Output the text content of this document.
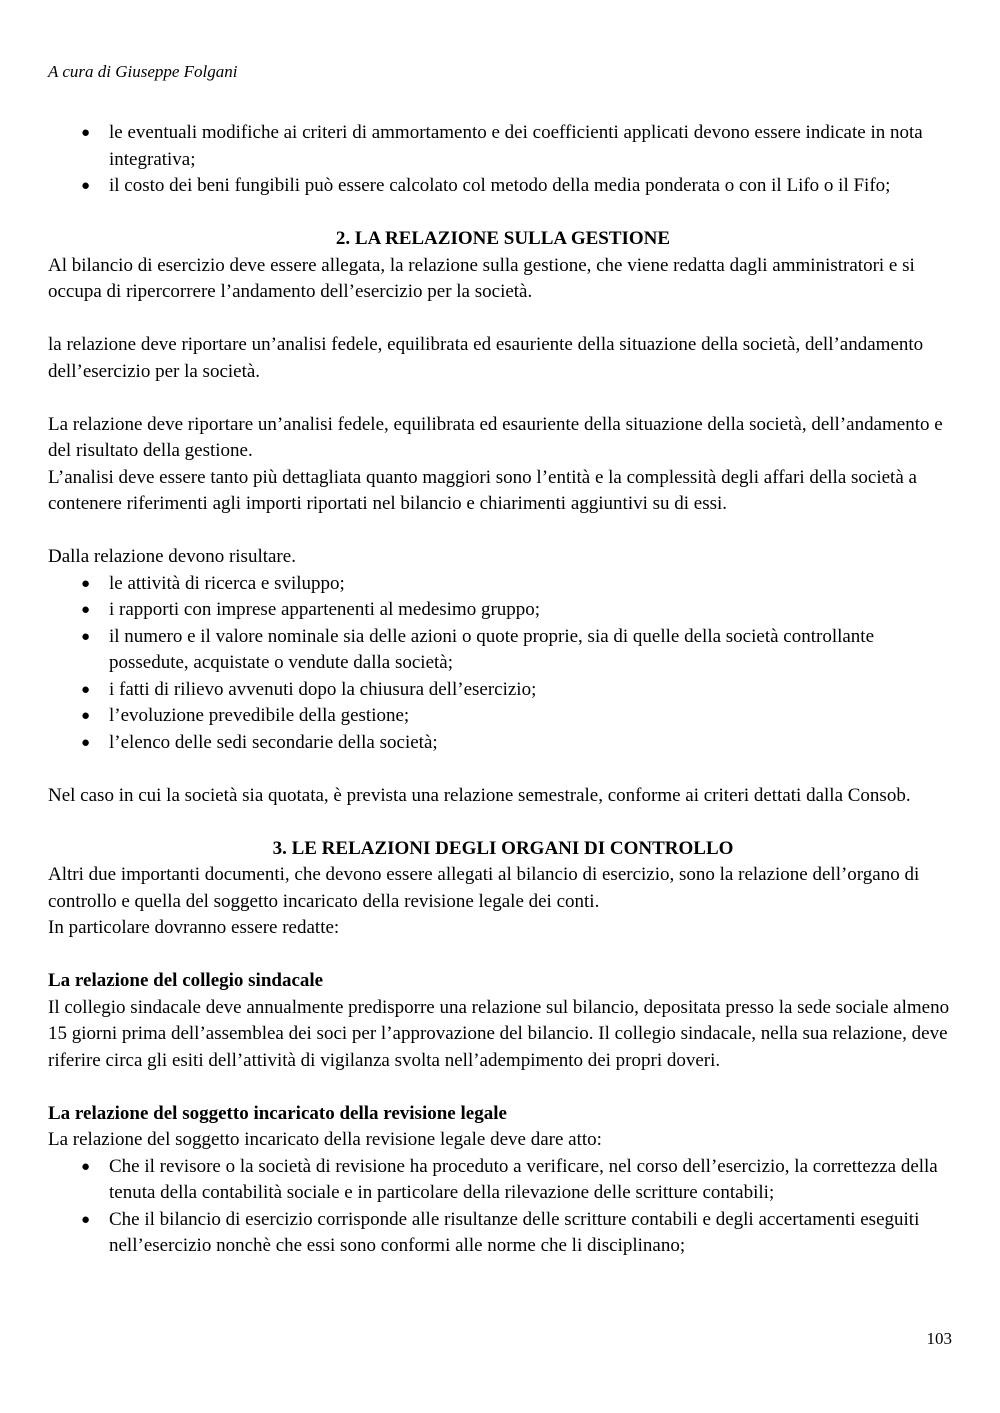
A cura di Giuseppe Folgani
● le eventuali modifiche ai criteri di ammortamento e dei coefficienti applicati devono essere indicate in nota integrativa;
● il costo dei beni fungibili può essere calcolato col metodo della media ponderata o con il Lifo o il Fifo;

2. LA RELAZIONE SULLA GESTIONE

Al bilancio di esercizio deve essere allegata, la relazione sulla gestione, che viene redatta dagli amministratori e si occupa di ripercorrere l’andamento dell’esercizio per la società.

la relazione deve riportare un’analisi fedele, equilibrata ed esauriente della situazione della società, dell’andamento dell’esercizio per la società.

La relazione deve riportare un’analisi fedele, equilibrata ed esauriente della situazione della società, dell’andamento e del risultato della gestione.

L’analisi deve essere tanto più dettagliata quanto maggiori sono l’entità e la complessità degli affari della società a contenere riferimenti agli importi riportati nel bilancio e chiarimenti aggiuntivi su di essi.

Dalla relazione devono risultare.

● le attività di ricerca e sviluppo;
● i rapporti con imprese appartenenti al medesimo gruppo;
● il numero e il valore nominale sia delle azioni o quote proprie, sia di quelle della società controllante possedute, acquistate o vendute dalla società;
● i fatti di rilievo avvenuti dopo la chiusura dell’esercizio;
● l’evoluzione prevedibile della gestione;
● l’elenco delle sedi secondarie della società;

Nel caso in cui la società sia quotata, è prevista una relazione semestrale, conforme ai criteri dettati dalla Consob.

3. LE RELAZIONI DEGLI ORGANI DI CONTROLLO

Altri due importanti documenti, che devono essere allegati al bilancio di esercizio, sono la relazione dell’organo di controllo e quella del soggetto incaricato della revisione legale dei conti.

In particolare dovranno essere redatte:

La relazione del collegio sindacale

Il collegio sindacale deve annualmente predisporre una relazione sul bilancio, depositata presso la sede sociale almeno 15 giorni prima dell’assemblea dei soci per l’approvazione del bilancio. Il collegio sindacale, nella sua relazione, deve riferire circa gli esiti dell’attività di vigilanza svolta nell’adempimento dei propri doveri.

La relazione del soggetto incaricato della revisione legale

La relazione del soggetto incaricato della revisione legale deve dare atto:

● Che il revisore o la società di revisione ha proceduto a verificare, nel corso dell’esercizio, la correttezza della tenuta della contabilità sociale e in particolare della rilevazione delle scritture contabili;
● Che il bilancio di esercizio corrisponde alle risultanze delle scritture contabili e degli accertamenti eseguiti nell’esercizio nonchè che essi sono conformi alle norme che li disciplinano;
103
